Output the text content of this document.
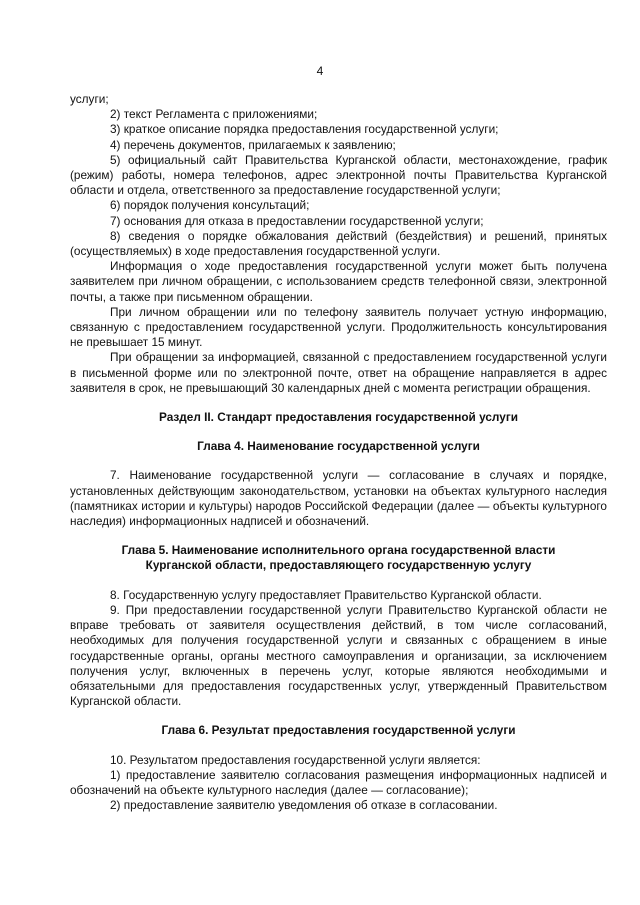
4

услуги;

2) текст Регламента с приложениями;

3) краткое описание порядка предоставления государственной услуги;

4) перечень документов, прилагаемых к заявлению;

5) официальный сайт Правительства Курганской области, местонахождение, график (режим) работы, номера телефонов, адрес электронной почты Правительства Курганской области и отдела, ответственного за предоставление государственной услуги;

6) порядок получения консультаций;

7) основания для отказа в предоставлении государственной услуги;

8) сведения о порядке обжалования действий (бездействия) и решений, принятых (осуществляемых) в ходе предоставления государственной услуги.

Информация о ходе предоставления государственной услуги может быть получена заявителем при личном обращении, с использованием средств телефонной связи, электронной почты, а также при письменном обращении.

При личном обращении или по телефону заявитель получает устную информацию, связанную с предоставлением государственной услуги. Продолжительность консультирования не превышает 15 минут.

При обращении за информацией, связанной с предоставлением государственной услуги в письменной форме или по электронной почте, ответ на обращение направляется в адрес заявителя в срок, не превышающий 30 календарных дней с момента регистрации обращения.

Раздел II. Стандарт предоставления государственной услуги

Глава 4. Наименование государственной услуги

7. Наименование государственной услуги — согласование в случаях и порядке, установленных действующим законодательством, установки на объектах культурного наследия (памятниках истории и культуры) народов Российской Федерации (далее — объекты культурного наследия) информационных надписей и обозначений.

Глава 5. Наименование исполнительного органа государственной власти

Курганской области, предоставляющего государственную услугу

8. Государственную услугу предоставляет Правительство Курганской области.

9. При предоставлении государственной услуги Правительство Курганской области не вправе требовать от заявителя осуществления действий, в том числе согласований, необходимых для получения государственной услуги и связанных с обращением в иные государственные органы, органы местного самоуправления и организации, за исключением получения услуг, включенных в перечень услуг, которые являются необходимыми и обязательными для предоставления государственных услуг, утвержденный Правительством Курганской области.

Глава 6. Результат предоставления государственной услуги

10. Результатом предоставления государственной услуги является:

1) предоставление заявителю согласования размещения информационных надписей и обозначений на объекте культурного наследия (далее — согласование);

2) предоставление заявителю уведомления об отказе в согласовании.
